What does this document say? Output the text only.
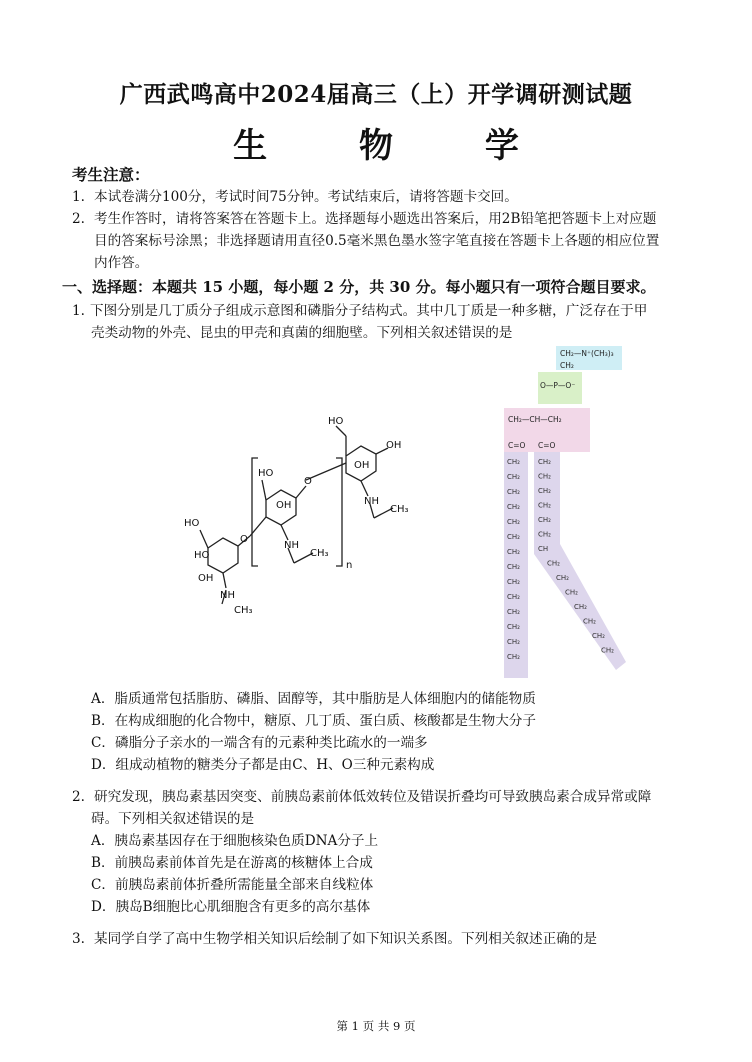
广西武鸣高中2024届高三（上）开学调研测试题
生 物 学
考生注意：
1. 本试卷满分100分，考试时间75分钟。考试结束后，请将答题卡交回。
2. 考生作答时，请将答案答在答题卡上。选择题每小题选出答案后，用2B铅笔把答题卡上对应题
目的答案标号涂黑；非选择题请用直径0.5毫米黑色墨水签字笔直接在答题卡上各题的相应位置
内作答。
一、选择题：本题共 15 小题，每小题 2 分，共 30 分。每小题只有一项符合题目要求。
1. 下图分别是几丁质分子组成示意图和磷脂分子结构式。其中几丁质是一种多糖，广泛存在于甲
壳类动物的外壳、昆虫的甲壳和真菌的细胞壁。下列相关叙述错误的是
HO
HO
OH
O
NH
CH₃
HO
OH
NH
CH₃
O
HO
OH
OH
NH
CH₃
n
CH₂—N⁺(CH₃)₃
CH₂
O—P—O⁻
CH₂—CH—CH₂
C=O C=O
CH₂
CH₂
CH₂
CH₂
CH₂
CH₂
CH₂
CH₂
CH₂
CH₂
CH₂
CH₂
CH₂
CH₂
CH₂
CH₂
CH₂
CH₂
CH₂
CH₂
CH
CH₂
CH₂
CH₂
CH₂
CH₂
CH₂
CH₂
A．脂质通常包括脂肪、磷脂、固醇等，其中脂肪是人体细胞内的储能物质
B．在构成细胞的化合物中，糖原、几丁质、蛋白质、核酸都是生物大分子
C．磷脂分子亲水的一端含有的元素种类比疏水的一端多
D．组成动植物的糖类分子都是由C、H、O三种元素构成
2. 研究发现，胰岛素基因突变、前胰岛素前体低效转位及错误折叠均可导致胰岛素合成异常或障
碍。下列相关叙述错误的是
A．胰岛素基因存在于细胞核染色质DNA分子上
B．前胰岛素前体首先是在游离的核糖体上合成
C．前胰岛素前体折叠所需能量全部来自线粒体
D．胰岛B细胞比心肌细胞含有更多的高尔基体
3. 某同学自学了高中生物学相关知识后绘制了如下知识关系图。下列相关叙述正确的是
第 1 页 共 9 页
